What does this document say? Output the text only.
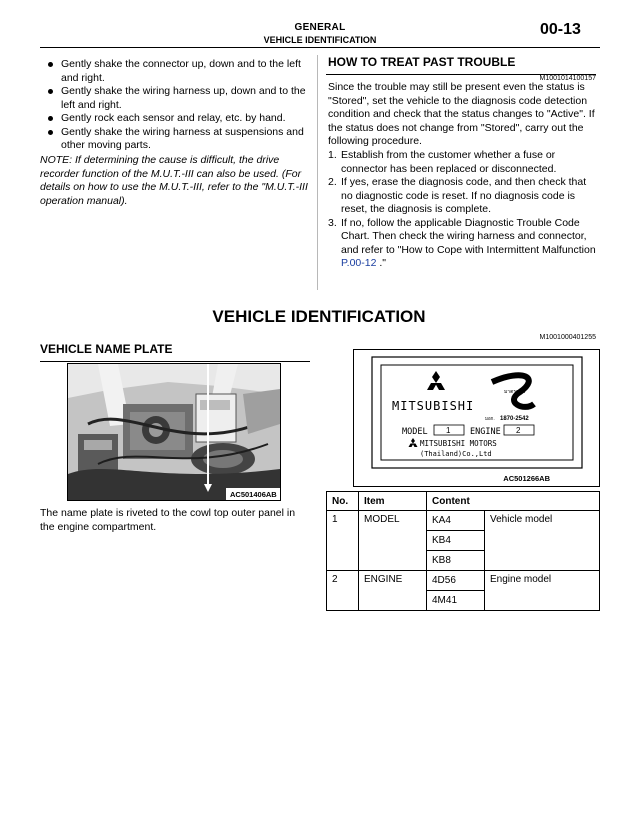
GENERAL
VEHICLE IDENTIFICATION
00-13
Gently shake the connector up, down and to the left and right.
Gently shake the wiring harness up, down and to the left and right.
Gently rock each sensor and relay, etc. by hand.
Gently shake the wiring harness at suspensions and other moving parts.
NOTE: If determining the cause is difficult, the drive recorder function of the M.U.T.-III can also be used. (For details on how to use the M.U.T.-III, refer to the "M.U.T.-III operation manual).
HOW TO TREAT PAST TROUBLE
M1001014100157
Since the trouble may still be present even the status is "Stored", set the vehicle to the diagnosis code detection condition and check that the status changes to "Active". If the status does not change from "Stored", carry out the following procedure.
1. Establish from the customer whether a fuse or connector has been replaced or disconnected.
2. If yes, erase the diagnosis code, and then check that no diagnostic code is reset. If no diagnosis code is reset, the diagnosis is complete.
3. If no, follow the applicable Diagnostic Trouble Code Chart. Then check the wiring harness and connector, and refer to "How to Cope with Intermittent Malfunction P.00-12 ."
VEHICLE IDENTIFICATION
M1001000401255
VEHICLE NAME PLATE
AC501406AB
MITSUBISHI
มาตรฐาน
มอก. 1870-2542
MODEL 1 ENGINE 2
MITSUBISHI MOTORS
(Thailand)Co.,Ltd
AC501266AB
The name plate is riveted to the cowl top outer panel in the engine compartment.
No.	Item	Content	
1	MODEL	KA4	Vehicle model
		KB4	
		KB8	
2	ENGINE	4D56	Engine model
		4M41	
